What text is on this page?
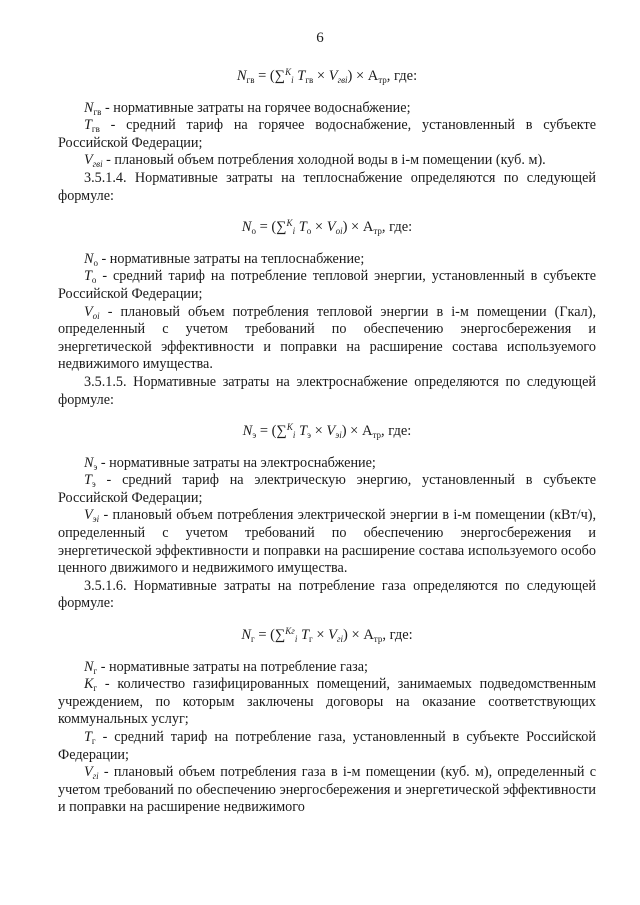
6
$N_{гв} = (\sum^K_i$ $T_{гв} \times V_{гвi}) \times A_{тр}$, где:

$N_{гв}$ - нормативные затраты на горячее водоснабжение;

$T_{гв}$ - средний тариф на горячее водоснабжение, установленный в субъекте Российской Федерации;

$V_{гвi}$ - плановый объем потребления холодной воды в i-м помещении (куб. м).

3.5.1.4. Нормативные затраты на теплоснабжение определяются по следующей формуле:

$N_о = (\sum^K_i$ $T_о \times V_{оi}) \times A_{тр}$, где:

$N_о$ - нормативные затраты на теплоснабжение;

$T_о$ - средний тариф на потребление тепловой энергии, установленный в субъекте Российской Федерации;

$V_{оi}$ - плановый объем потребления тепловой энергии в i-м помещении (Гкал), определенный с учетом требований по обеспечению энергосбережения и энергетической эффективности и поправки на расширение состава используемого недвижимого имущества.

3.5.1.5. Нормативные затраты на электроснабжение определяются по следующей формуле:

$N_э = (\sum^K_i$ $T_э \times V_{эi}) \times A_{тр}$, где:

$N_э$ - нормативные затраты на электроснабжение;

$T_э$ - средний тариф на электрическую энергию, установленный в субъекте Российской Федерации;

$V_{эi}$ - плановый объем потребления электрической энергии в i-м помещении (кВт/ч), определенный с учетом требований по обеспечению энергосбережения и энергетической эффективности и поправки на расширение состава используемого особо ценного движимого и недвижимого имущества.

3.5.1.6. Нормативные затраты на потребление газа определяются по следующей формуле:

$N_г = (\sum^{Kг}_i$ $T_г \times V_{гi}) \times A_{тр}$, где:

$N_г$ - нормативные затраты на потребление газа;

$К_г$ - количество газифицированных помещений, занимаемых подведомственным учреждением, по которым заключены договоры на оказание соответствующих коммунальных услуг;

$T_г$ - средний тариф на потребление газа, установленный в субъекте Российской Федерации;

$V_{гi}$ - плановый объем потребления газа в i-м помещении (куб. м), определенный с учетом требований по обеспечению энергосбережения и энергетической эффективности и поправки на расширение недвижимого
